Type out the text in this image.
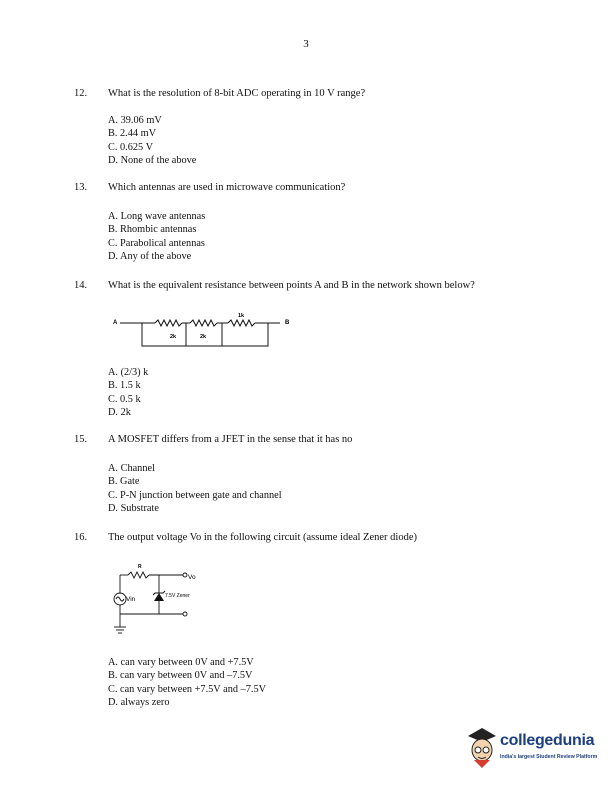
3
12. What is the resolution of 8-bit ADC operating in 10 V range?
A. 39.06 mV
B. 2.44 mV
C. 0.625 V
D. None of the above
13. Which antennas are used in microwave communication?
A. Long wave antennas
B. Rhombic antennas
C. Parabolical antennas
D. Any of the above
14. What is the equivalent resistance between points A and B in the network shown below?
A	B
1k
2k	2k
A. (2/3) k
B. 1.5 k
C. 0.5 k
D. 2k
15. A MOSFET differs from a JFET in the sense that it has no
A. Channel
B. Gate
C. P-N junction between gate and channel
D. Substrate
16. The output voltage Vo in the following circuit (assume ideal Zener diode)
R
Vo
Vin	7.5V Zener
A. can vary between 0V and +7.5V
B. can vary between 0V and –7.5V
C. can vary between +7.5V and –7.5V
D. always zero
collegedunia
India's largest Student Review Platform
